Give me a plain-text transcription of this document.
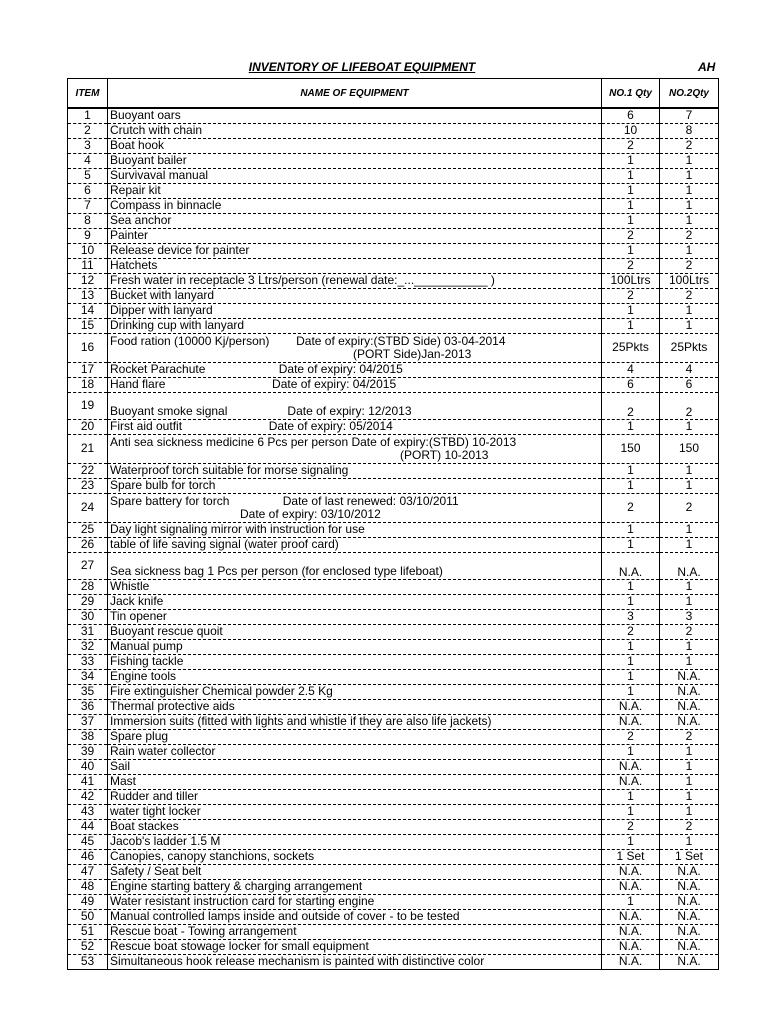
INVENTORY OF LIFEBOAT EQUIPMENT	AH
ITEM	NAME OF EQUIPMENT	NO.1 Qty	NO.2Qty
1	Buoyant oars	6	7
2	Crutch with chain	10	8
3	Boat hook	2	2
4	Buoyant bailer	1	1
5	Survivaval manual	1	1
6	Repair kit	1	1
7	Compass in binnacle	1	1
8	Sea anchor	1	1
9	Painter	2	2
10	Release device for painter	1	1
11	Hatchets	2	2
12	Fresh water in receptacle 3 Ltrs/person (renewal date:_...___________ )	100Ltrs	100Ltrs
13	Bucket with lanyard	2	2
14	Dipper with lanyard	1	1
15	Drinking cup with lanyard	1	1
16	Food ration (10000 Kj/person)        Date of expiry:(STBD Side) 03-04-2014
(PORT Side)Jan-2013	25Pkts	25Pkts
17	Rocket Parachute                      Date of expiry: 04/2015	4	4
18	Hand flare                                Date of expiry: 04/2015	6	6
19	Buoyant smoke signal                  Date of expiry: 12/2013	2	2
20	First aid outfit                          Date of expiry: 05/2014	1	1
21	Anti sea sickness medicine 6 Pcs per person Date of expiry:(STBD) 10-2013
(PORT) 10-2013	150	150
22	Waterproof torch suitable for morse signaling	1	1
23	Spare bulb for torch	1	1
24	Spare battery for torch                Date of last renewed: 03/10/2011
Date of expiry: 03/10/2012	2	2
25	Day light signaling mirror with instruction for use	1	1
26	table of life saving signal (water proof card)	1	1
27	Sea sickness bag 1 Pcs per person (for enclosed type lifeboat)	N.A.	N.A.
28	Whistle	1	1
29	Jack knife	1	1
30	Tin opener	3	3
31	Buoyant rescue quoit	2	2
32	Manual pump	1	1
33	Fishing tackle	1	1
34	Engine tools	1	N.A.
35	Fire extinguisher Chemical powder 2.5 Kg	1	N.A.
36	Thermal protective aids	N.A.	N.A.
37	Immersion suits (fitted with lights and whistle if they are also life jackets)	N.A.	N.A.
38	Spare plug	2	2
39	Rain water collector	1	1
40	Sail	N.A.	1
41	Mast	N.A.	1
42	Rudder and tiller	1	1
43	water tight locker	1	1
44	Boat stackes	2	2
45	Jacob's ladder 1.5 M	1	1
46	Canopies, canopy stanchions, sockets	1 Set	1 Set
47	Safety / Seat belt	N.A.	N.A.
48	Engine starting battery & charging arrangement	N.A.	N.A.
49	Water resistant instruction card for starting engine	1	N.A.
50	Manual controlled lamps inside and outside of cover - to be tested	N.A.	N.A.
51	Rescue boat - Towing arrangement	N.A.	N.A.
52	Rescue boat stowage locker for small equipment	N.A.	N.A.
53	Simultaneous hook release mechanism is painted with distinctive color	N.A.	N.A.
